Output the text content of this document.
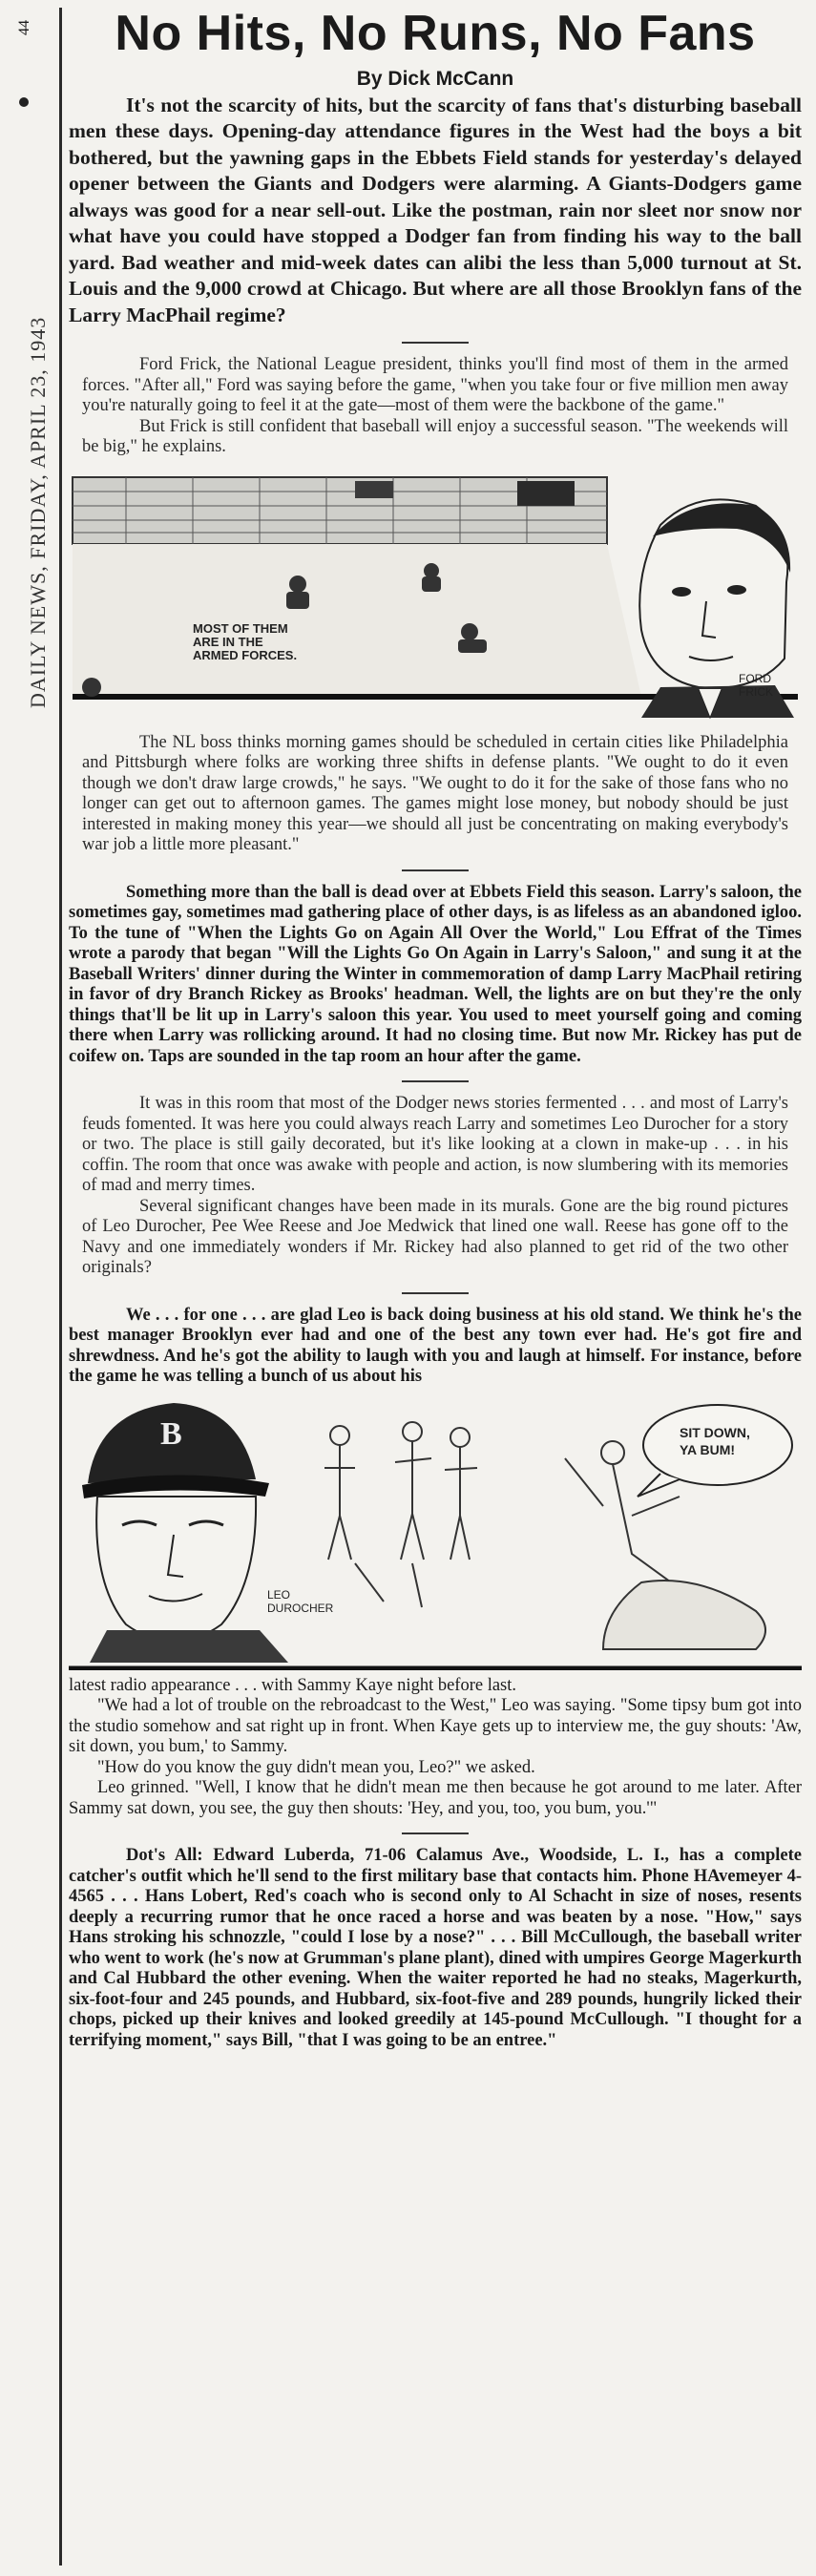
DAILY NEWS, FRIDAY, APRIL 23, 1943
44	No Hits, No Runs, No Fans
By Dick McCann

It's not the scarcity of hits, but the scarcity of fans that's disturbing baseball men these days. Opening-day attendance figures in the West had the boys a bit bothered, but the yawning gaps in the Ebbets Field stands for yesterday's delayed opener between the Giants and Dodgers were alarming. A Giants-Dodgers game always was good for a near sell-out. Like the postman, rain nor sleet nor snow nor what have you could have stopped a Dodger fan from finding his way to the ball yard. Bad weather and mid-week dates can alibi the less than 5,000 turnout at St. Louis and the 9,000 crowd at Chicago. But where are all those Brooklyn fans of the Larry MacPhail regime?

Ford Frick, the National League president, thinks you'll find most of them in the armed forces. "After all," Ford was saying before the game, "when you take four or five million men away you're naturally going to feel it at the gate—most of them were the backbone of the game."

But Frick is still confident that baseball will enjoy a successful season. "The weekends will be big," he explains.

MOST OF THEM ARE IN THE ARMED FORCES.
FORD FRICK

The NL boss thinks morning games should be scheduled in certain cities like Philadelphia and Pittsburgh where folks are working three shifts in defense plants. "We ought to do it even though we don't draw large crowds," he says. "We ought to do it for the sake of those fans who no longer can get out to afternoon games. The games might lose money, but nobody should be just interested in making money this year—we should all just be concentrating on making everybody's war job a little more pleasant."

Something more than the ball is dead over at Ebbets Field this season. Larry's saloon, the sometimes gay, sometimes mad gathering place of other days, is as lifeless as an abandoned igloo. To the tune of "When the Lights Go on Again All Over the World," Lou Effrat of the Times wrote a parody that began "Will the Lights Go On Again in Larry's Saloon," and sung it at the Baseball Writers' dinner during the Winter in commemoration of damp Larry MacPhail retiring in favor of dry Branch Rickey as Brooks' headman. Well, the lights are on but they're the only things that'll be lit up in Larry's saloon this year. You used to meet yourself going and coming there when Larry was rollicking around. It had no closing time. But now Mr. Rickey has put de coifew on. Taps are sounded in the tap room an hour after the game.

It was in this room that most of the Dodger news stories fermented . . . and most of Larry's feuds fomented. It was here you could always reach Larry and sometimes Leo Durocher for a story or two. The place is still gaily decorated, but it's like looking at a clown in make-up . . . in his coffin. The room that once was awake with people and action, is now slumbering with its memories of mad and merry times.

Several significant changes have been made in its murals. Gone are the big round pictures of Leo Durocher, Pee Wee Reese and Joe Medwick that lined one wall. Reese has gone off to the Navy and one immediately wonders if Mr. Rickey had also planned to get rid of the two other originals?

We . . . for one . . . are glad Leo is back doing business at his old stand. We think he's the best manager Brooklyn ever had and one of the best any town ever had. He's got fire and shrewdness. And he's got the ability to laugh with you and laugh at himself. For instance, before the game he was telling a bunch of us about his

B	SIT DOWN, YA BUM!
LEO DUROCHER

latest radio appearance . . . with Sammy Kaye night before last.

"We had a lot of trouble on the rebroadcast to the West," Leo was saying. "Some tipsy bum got into the studio somehow and sat right up in front. When Kaye gets up to interview me, the guy shouts: 'Aw, sit down, you bum,' to Sammy.

"How do you know the guy didn't mean you, Leo?" we asked.

Leo grinned. "Well, I know that he didn't mean me then because he got around to me later. After Sammy sat down, you see, the guy then shouts: 'Hey, and you, too, you bum, you.'"

Dot's All: Edward Luberda, 71-06 Calamus Ave., Woodside, L. I., has a complete catcher's outfit which he'll send to the first military base that contacts him. Phone HAvemeyer 4-4565 . . . Hans Lobert, Red's coach who is second only to Al Schacht in size of noses, resents deeply a recurring rumor that he once raced a horse and was beaten by a nose. "How," says Hans stroking his schnozzle, "could I lose by a nose?" . . . Bill McCullough, the baseball writer who went to work (he's now at Grumman's plane plant), dined with umpires George Magerkurth and Cal Hubbard the other evening. When the waiter reported he had no steaks, Magerkurth, six-foot-four and 245 pounds, and Hubbard, six-foot-five and 289 pounds, hungrily licked their chops, picked up their knives and looked greedily at 145-pound McCullough. "I thought for a terrifying moment," says Bill, "that I was going to be an entree."
